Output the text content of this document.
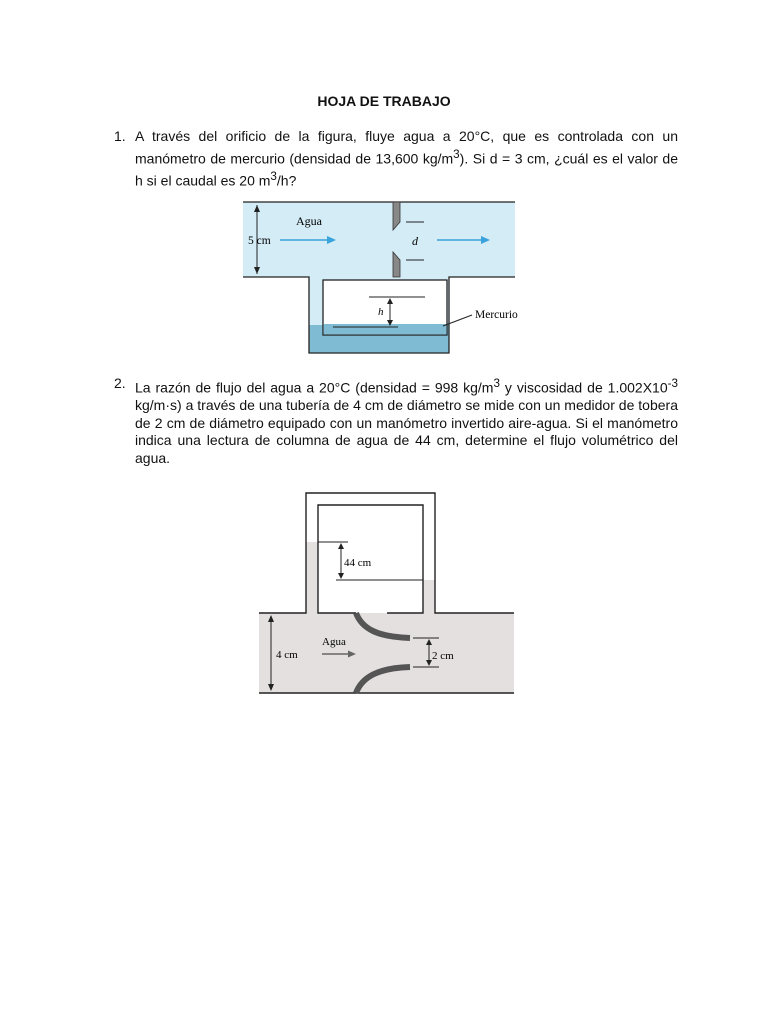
HOJA DE TRABAJO
1. A través del orificio de la figura, fluye agua a 20°C, que es controlada con un manómetro de mercurio (densidad de 13,600 $kg/m^3$). Si d = 3 cm, ¿cuál es el valor de h si el caudal es 20 $m^3/h$?
d
5 cm
Agua
h	Mercurio
2. La razón de flujo del agua a 20°C (densidad = 998 $kg/m^3$ y viscosidad de $1.002X10^{-3}$ kg/m·s) a través de una tubería de 4 cm de diámetro se mide con un medidor de tobera de 2 cm de diámetro equipado con un manómetro invertido aire-agua. Si el manómetro indica una lectura de columna de agua de 44 cm, determine el flujo volumétrico del agua.
44 cm
2 cm
4 cm
Agua
